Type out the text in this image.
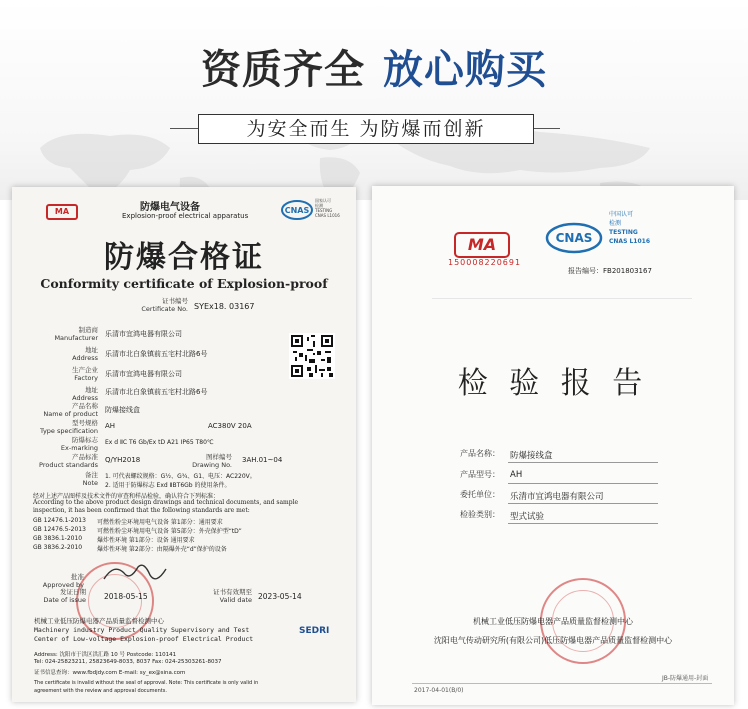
资质齐全 放心购买
为安全而生 为防爆而创新
MA	防爆电气设备
Explosion-proof electrical apparatus
CNAS
国家认可
检测
TESTING
CNAS L1016
防爆合格证
Conformity certificate of Explosion-proof
证书编号
Certificate No. SYEx18. 03167
制造商
Manufacturer 乐清市宜鸿电器有限公司
地址
Address 乐清市北白象镇前五宅村北路6号
生产企业
Factory 乐清市宜鸿电器有限公司
地址
Address
乐清市北白象镇前五宅村北路6号
产品名称
Name of product 防爆接线盒
型号规格
Type specification
AH	AC380V 20A
防爆标志
Ex-marking
Ex d ⅡC T6 Gb/Ex tD A21 IP65 T80℃
产品标准
Product standards
Q/YH2018	图样编号
Drawing No.
3AH.01~04
备注
Note
1. 可代表螺纹规格：G½、G¾、G1、电压：AC220V。
2. 适用于防爆标志 Exd ⅡBT6Gb 的使用条件。
经对上述产品图样及技术文件的审查和样品检验，确认符合下列标准：
According to the above product design drawings and technical documents, and sample
inspection, it has been confirmed that the following standards are met:
GB 12476.1-2013 可燃性粉尘环境用电气设备 第1部分：通用要求
GB 12476.5-2013 可燃性粉尘环境用电气设备 第5部分：外壳保护型“tD”
GB 3836.1-2010 爆炸性环境 第1部分：设备 通用要求
GB 3836.2-2010 爆炸性环境 第2部分：由隔爆外壳“d”保护的设备
批准
Approved by
发证日期
Date of issue 2018-05-15	证书有效期至
Valid date 2023-05-14
机械工业低压防爆电器产品质量监督检测中心
Machinery industry Product Quality Supervisory and Test
Center of Low-voltage Explosion-proof Electrical Product
SEDRI
Address: 沈阳市于洪区洪汇路 10 号 Postcode: 110141
Tel: 024-25823211, 25823649-8033, 8037 Fax: 024-25303261-8037
证书信息查询：www.fbdjdy.com E-mail: sy_ex@sina.com
The certificate is invalid without the seal of approval. Note: This certificate is only valid in
agreement with the review and approval documents.
MA
150008220691
CNAS
中国认可
检测
TESTING
CNAS L1016
报告编号：FB201803167
检 验 报 告
产品名称： 防爆接线盒
产品型号： AH
委托单位： 乐清市宜鸿电器有限公司
检验类别： 型式试验
机械工业低压防爆电器产品质量监督检测中心
沈阳电气传动研究所(有限公司)低压防爆电器产品质量监督检测中心
JB-防爆通用-封面
2017-04-01(B/0)
